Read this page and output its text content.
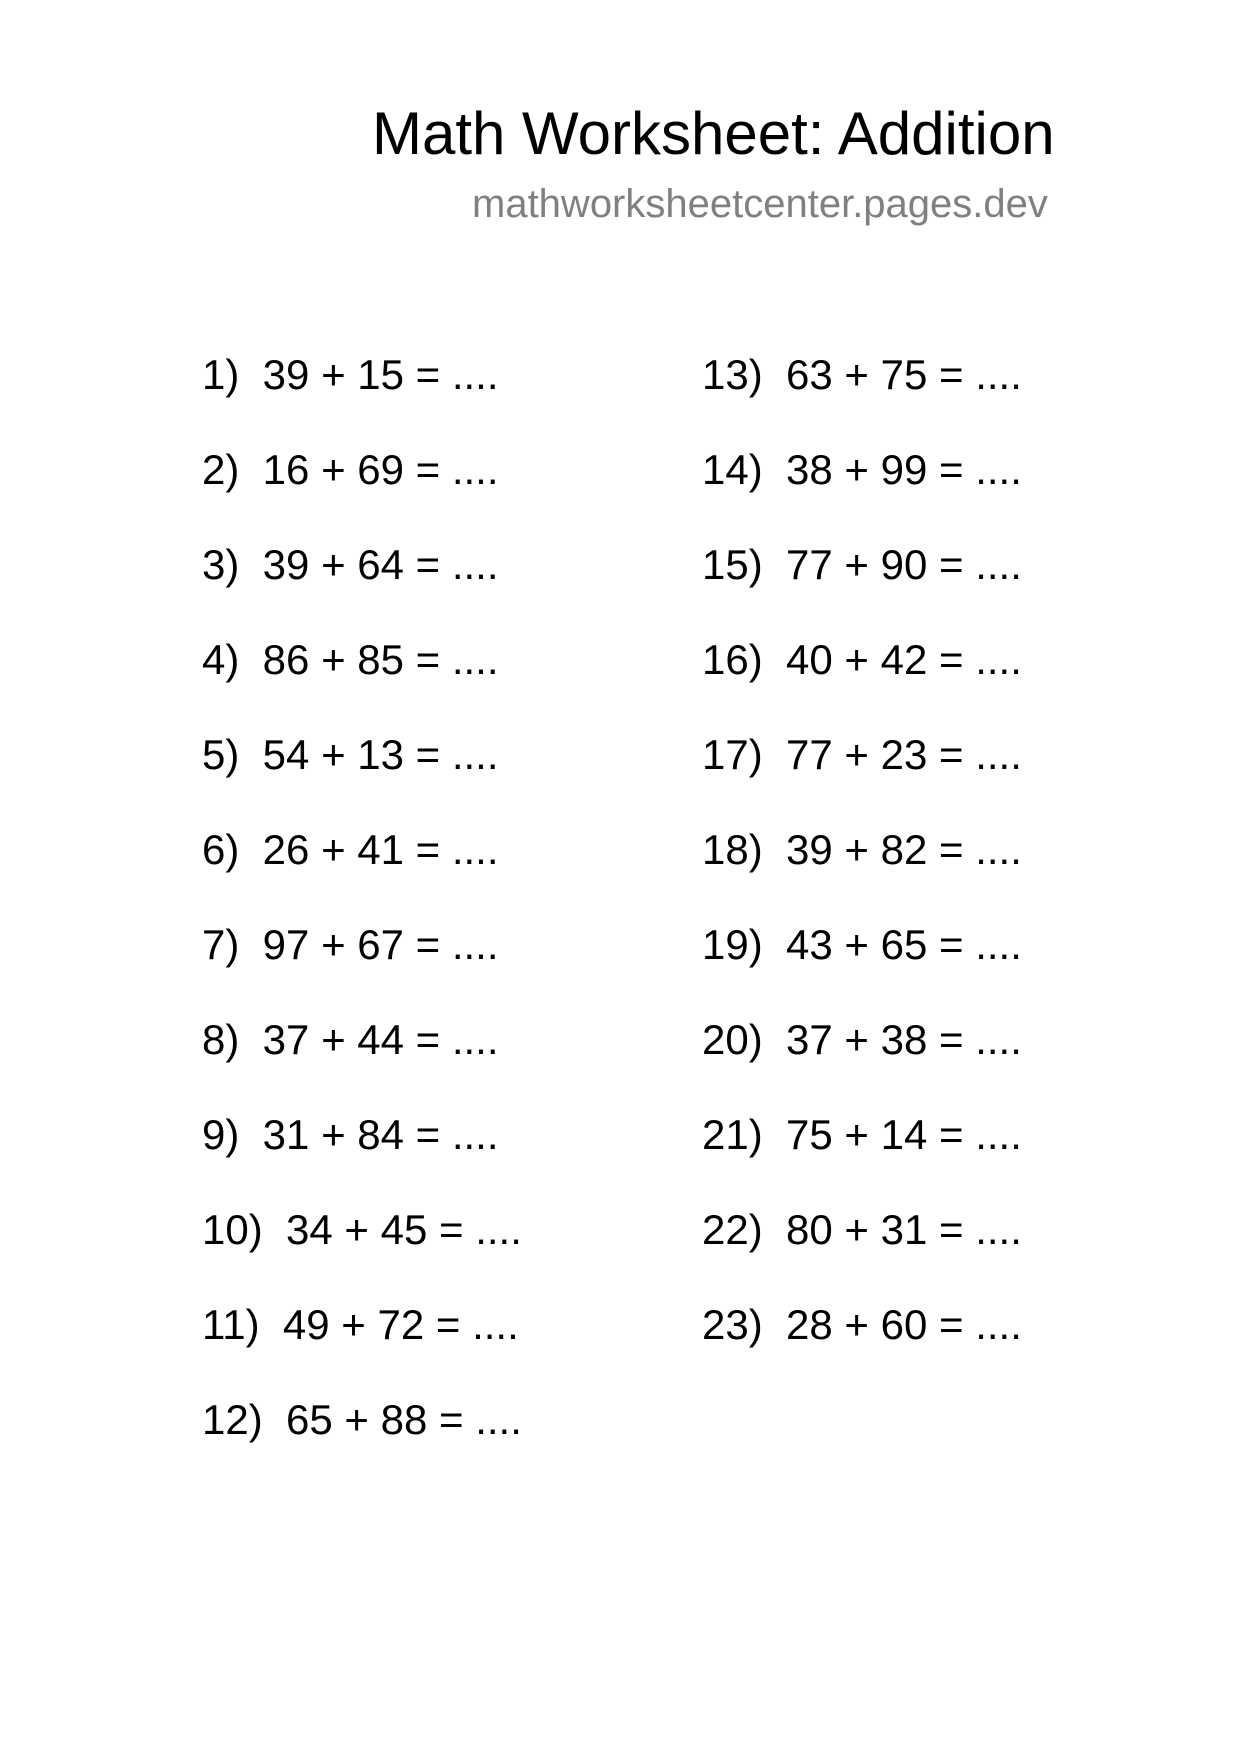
Math Worksheet: Addition
mathworksheetcenter.pages.dev
1)  39 + 15 = ....
2)  16 + 69 = ....
3)  39 + 64 = ....
4)  86 + 85 = ....
5)  54 + 13 = ....
6)  26 + 41 = ....
7)  97 + 67 = ....
8)  37 + 44 = ....
9)  31 + 84 = ....
10)  34 + 45 = ....
11)  49 + 72 = ....
12)  65 + 88 = ....
13)  63 + 75 = ....
14)  38 + 99 = ....
15)  77 + 90 = ....
16)  40 + 42 = ....
17)  77 + 23 = ....
18)  39 + 82 = ....
19)  43 + 65 = ....
20)  37 + 38 = ....
21)  75 + 14 = ....
22)  80 + 31 = ....
23)  28 + 60 = ....
